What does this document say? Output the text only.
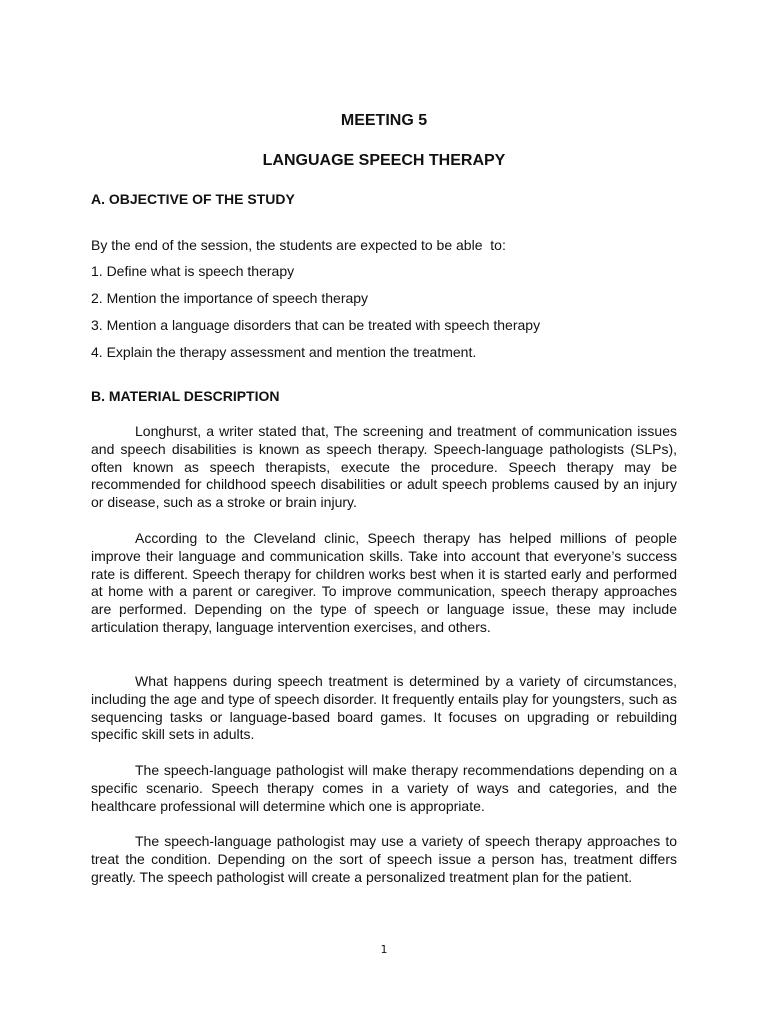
MEETING 5
LANGUAGE SPEECH THERAPY
A. OBJECTIVE OF THE STUDY
By the end of the session, the students are expected to be able  to:
1. Define what is speech therapy
2. Mention the importance of speech therapy
3. Mention a language disorders that can be treated with speech therapy
4. Explain the therapy assessment and mention the treatment.
B. MATERIAL DESCRIPTION

Longhurst, a writer stated that, The screening and treatment of communication issues and speech disabilities is known as speech therapy. Speech-language pathologists (SLPs), often known as speech therapists, execute the procedure. Speech therapy may be recommended for childhood speech disabilities or adult speech problems caused by an injury or disease, such as a stroke or brain injury.

According to the Cleveland clinic, Speech therapy has helped millions of people improve their language and communication skills. Take into account that everyone’s success rate is different. Speech therapy for children works best when it is started early and performed at home with a parent or caregiver. To improve communication, speech therapy approaches are performed. Depending on the type of speech or language issue, these may include articulation therapy, language intervention exercises, and others.

What happens during speech treatment is determined by a variety of circumstances, including the age and type of speech disorder. It frequently entails play for youngsters, such as sequencing tasks or language-based board games. It focuses on upgrading or rebuilding specific skill sets in adults.

The speech-language pathologist will make therapy recommendations depending on a specific scenario. Speech therapy comes in a variety of ways and categories, and the healthcare professional will determine which one is appropriate.

The speech-language pathologist may use a variety of speech therapy approaches to treat the condition. Depending on the sort of speech issue a person has, treatment differs greatly. The speech pathologist will create a personalized treatment plan for the patient.

1
